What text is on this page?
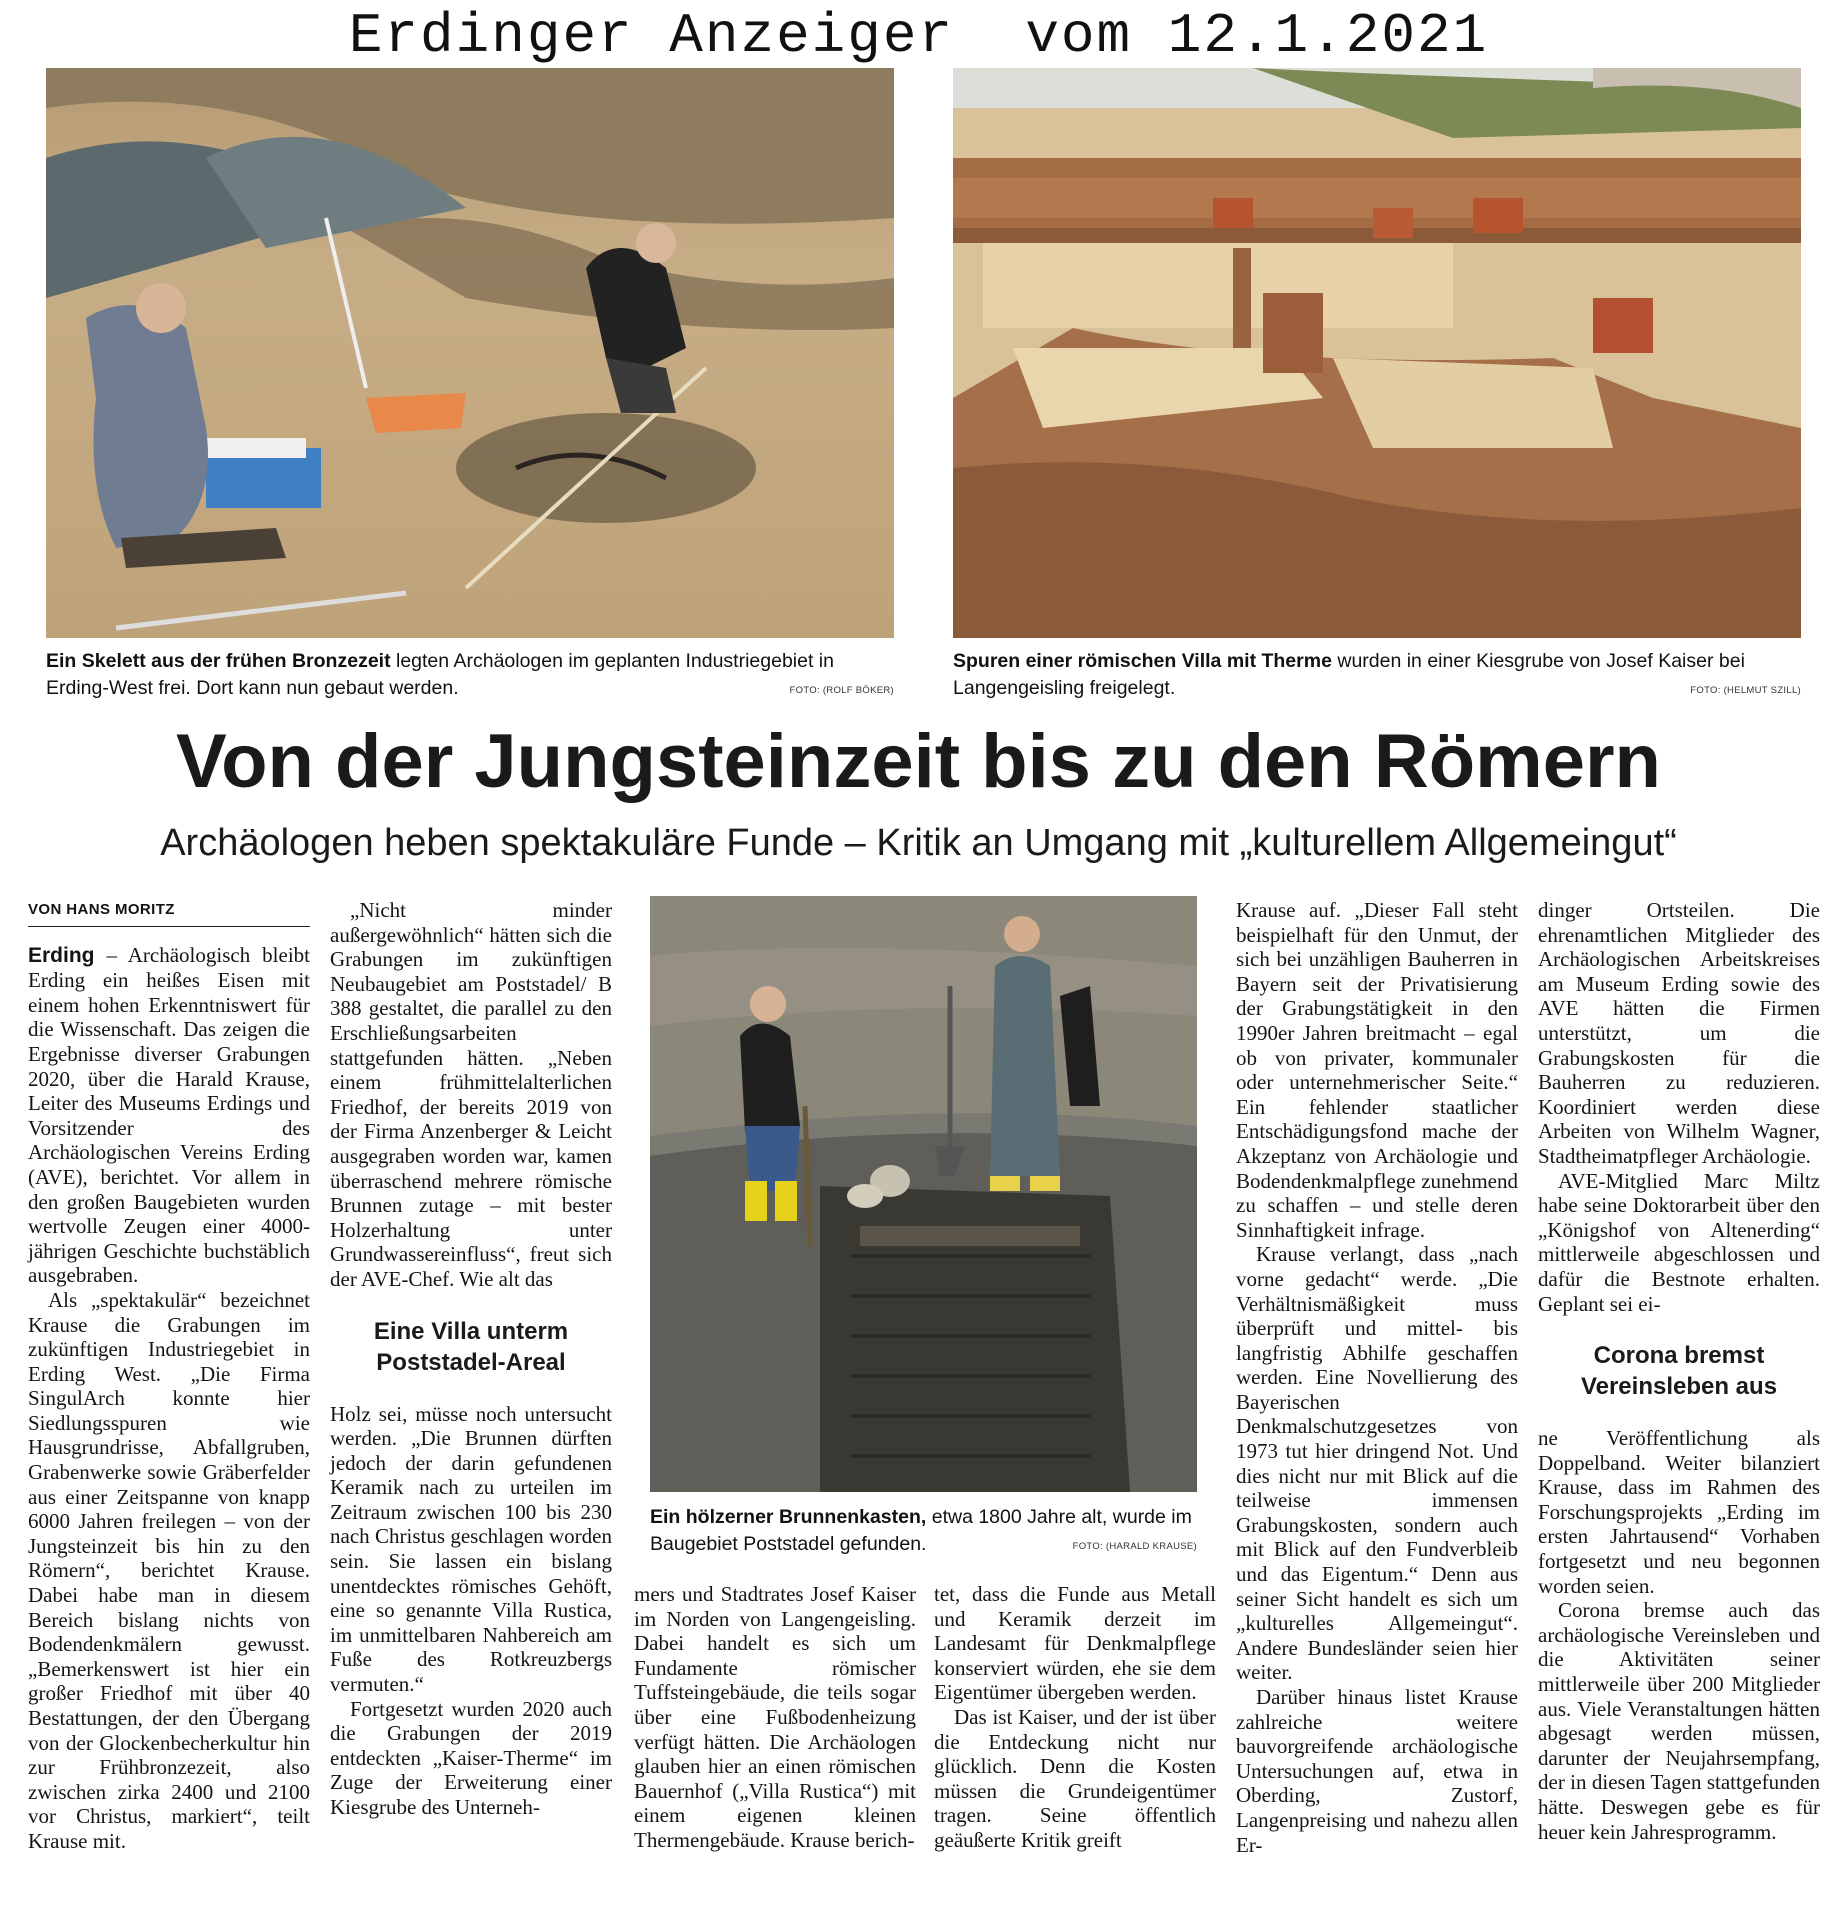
Erdinger Anzeiger  vom 12.1.2021
Ein Skelett aus der frühen Bronzezeit legten Archäologen im geplanten Industriegebiet in Erding-West frei. Dort kann nun gebaut werden.	FOTO: (ROLF BÖKER)
Spuren einer römischen Villa mit Therme wurden in einer Kiesgrube von Josef Kaiser bei Langengeisling freigelegt.	FOTO: (HELMUT SZILL)
Von der Jungsteinzeit bis zu den Römern
Archäologen heben spektakuläre Funde – Kritik an Umgang mit „kulturellem Allgemeingut“
VON HANS MORITZ

Erding – Archäologisch bleibt Erding ein heißes Eisen mit einem hohen Erkenntniswert für die Wissenschaft. Das zeigen die Ergebnisse diverser Grabungen 2020, über die Harald Krause, Leiter des Museums Erdings und Vorsitzender des Archäologischen Vereins Erding (AVE), berichtet. Vor allem in den großen Baugebieten wurden wertvolle Zeugen einer 4000-jährigen Geschichte buchstäblich ausgebraben.

Als „spektakulär“ bezeichnet Krause die Grabungen im zukünftigen Industriegebiet in Erding West. „Die Firma SingulArch konnte hier Siedlungsspuren wie Hausgrundrisse, Abfallgruben, Grabenwerke sowie Gräberfelder aus einer Zeitspanne von knapp 6000 Jahren freilegen – von der Jungsteinzeit bis hin zu den Römern“, berichtet Krause. Dabei habe man in diesem Bereich bislang nichts von Bodendenkmälern gewusst. „Bemerkenswert ist hier ein großer Friedhof mit über 40 Bestattungen, der den Übergang von der Glockenbecherkultur hin zur Frühbronzezeit, also zwischen zirka 2400 und 2100 vor Christus, markiert“, teilt Krause mit.

„Nicht minder außergewöhnlich“ hätten sich die Grabungen im zukünftigen Neubaugebiet am Poststadel/ B 388 gestaltet, die parallel zu den Erschließungsarbeiten stattgefunden hätten. „Neben einem frühmittelalterlichen Friedhof, der bereits 2019 von der Firma Anzenberger & Leicht ausgegraben worden war, kamen überraschend mehrere römische Brunnen zutage – mit bester Holzerhaltung unter Grundwassereinfluss“, freut sich der AVE-Chef. Wie alt das

Eine Villa unterm
Poststadel-Areal

Holz sei, müsse noch untersucht werden. „Die Brunnen dürften jedoch der darin gefundenen Keramik nach zu urteilen im Zeitraum zwischen 100 bis 230 nach Christus geschlagen worden sein. Sie lassen ein bislang unentdecktes römisches Gehöft, eine so genannte Villa Rustica, im unmittelbaren Nahbereich am Fuße des Rotkreuzbergs vermuten.“

Fortgesetzt wurden 2020 auch die Grabungen der 2019 entdeckten „Kaiser-Therme“ im Zuge der Erweiterung einer Kiesgrube des Unterneh-

Ein hölzerner Brunnenkasten, etwa 1800 Jahre alt, wurde im Baugebiet Poststadel gefunden.	FOTO: (HARALD KRAUSE)

mers und Stadtrates Josef Kaiser im Norden von Langengeisling. Dabei handelt es sich um Fundamente römischer Tuffsteingebäude, die teils sogar über eine Fußbodenheizung verfügt hätten. Die Archäologen glauben hier an einen römischen Bauernhof („Villa Rustica“) mit einem eigenen kleinen Thermengebäude. Krause berich-

tet, dass die Funde aus Metall und Keramik derzeit im Landesamt für Denkmalpflege konserviert würden, ehe sie dem Eigentümer übergeben werden.

Das ist Kaiser, und der ist über die Entdeckung nicht nur glücklich. Denn die Kosten müssen die Grundeigentümer tragen. Seine öffentlich geäußerte Kritik greift

Krause auf. „Dieser Fall steht beispielhaft für den Unmut, der sich bei unzähligen Bauherren in Bayern seit der Privatisierung der Grabungstätigkeit in den 1990er Jahren breitmacht – egal ob von privater, kommunaler oder unternehmerischer Seite.“ Ein fehlender staatlicher Entschädigungsfond mache der Akzeptanz von Archäologie und Bodendenkmalpflege zunehmend zu schaffen – und stelle deren Sinnhaftigkeit infrage.

Krause verlangt, dass „nach vorne gedacht“ werde. „Die Verhältnismäßigkeit muss überprüft und mittel- bis langfristig Abhilfe geschaffen werden. Eine Novellierung des Bayerischen Denkmalschutzgesetzes von 1973 tut hier dringend Not. Und dies nicht nur mit Blick auf die teilweise immensen Grabungskosten, sondern auch mit Blick auf den Fundverbleib und das Eigentum.“ Denn aus seiner Sicht handelt es sich um „kulturelles Allgemeingut“. Andere Bundesländer seien hier weiter.

Darüber hinaus listet Krause zahlreiche weitere bauvorgreifende archäologische Untersuchungen auf, etwa in Oberding, Zustorf, Langenpreising und nahezu allen Er-

dinger Ortsteilen. Die ehrenamtlichen Mitglieder des Archäologischen Arbeitskreises am Museum Erding sowie des AVE hätten die Firmen unterstützt, um die Grabungskosten für die Bauherren zu reduzieren. Koordiniert werden diese Arbeiten von Wilhelm Wagner, Stadtheimatpfleger Archäologie.

AVE-Mitglied Marc Miltz habe seine Doktorarbeit über den „Königshof von Altenerding“ mittlerweile abgeschlossen und dafür die Bestnote erhalten. Geplant sei ei-

Corona bremst
Vereinsleben aus

ne Veröffentlichung als Doppelband. Weiter bilanziert Krause, dass im Rahmen des Forschungsprojekts „Erding im ersten Jahrtausend“ Vorhaben fortgesetzt und neu begonnen worden seien.

Corona bremse auch das archäologische Vereinsleben und die Aktivitäten seiner mittlerweile über 200 Mitglieder aus. Viele Veranstaltungen hätten abgesagt werden müssen, darunter der Neujahrsempfang, der in diesen Tagen stattgefunden hätte. Deswegen gebe es für heuer kein Jahresprogramm.
